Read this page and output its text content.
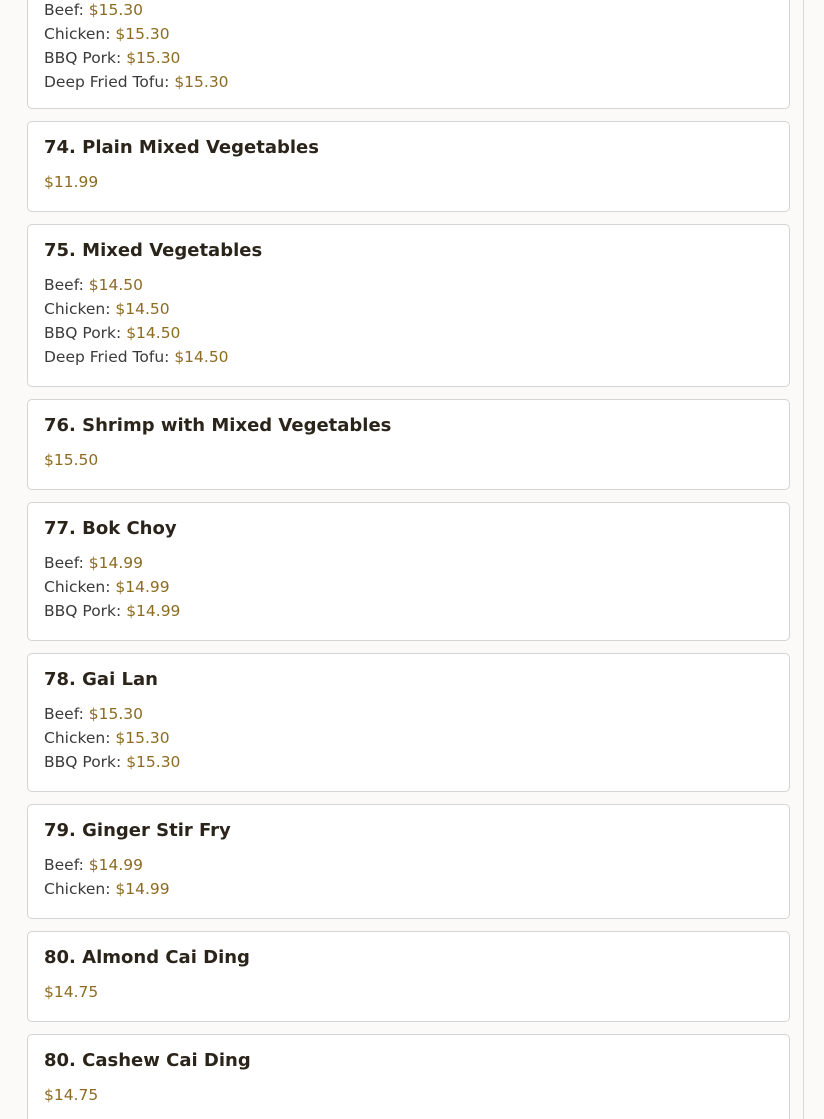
Beef: $15.30
Chicken: $15.30
BBQ Pork: $15.30
Deep Fried Tofu: $15.30
74. Plain Mixed Vegetables
$11.99
75. Mixed Vegetables
Beef: $14.50
Chicken: $14.50
BBQ Pork: $14.50
Deep Fried Tofu: $14.50
76. Shrimp with Mixed Vegetables
$15.50
77. Bok Choy
Beef: $14.99
Chicken: $14.99
BBQ Pork: $14.99
78. Gai Lan
Beef: $15.30
Chicken: $15.30
BBQ Pork: $15.30
79. Ginger Stir Fry
Beef: $14.99
Chicken: $14.99
80. Almond Cai Ding
$14.75
80. Cashew Cai Ding
$14.75
